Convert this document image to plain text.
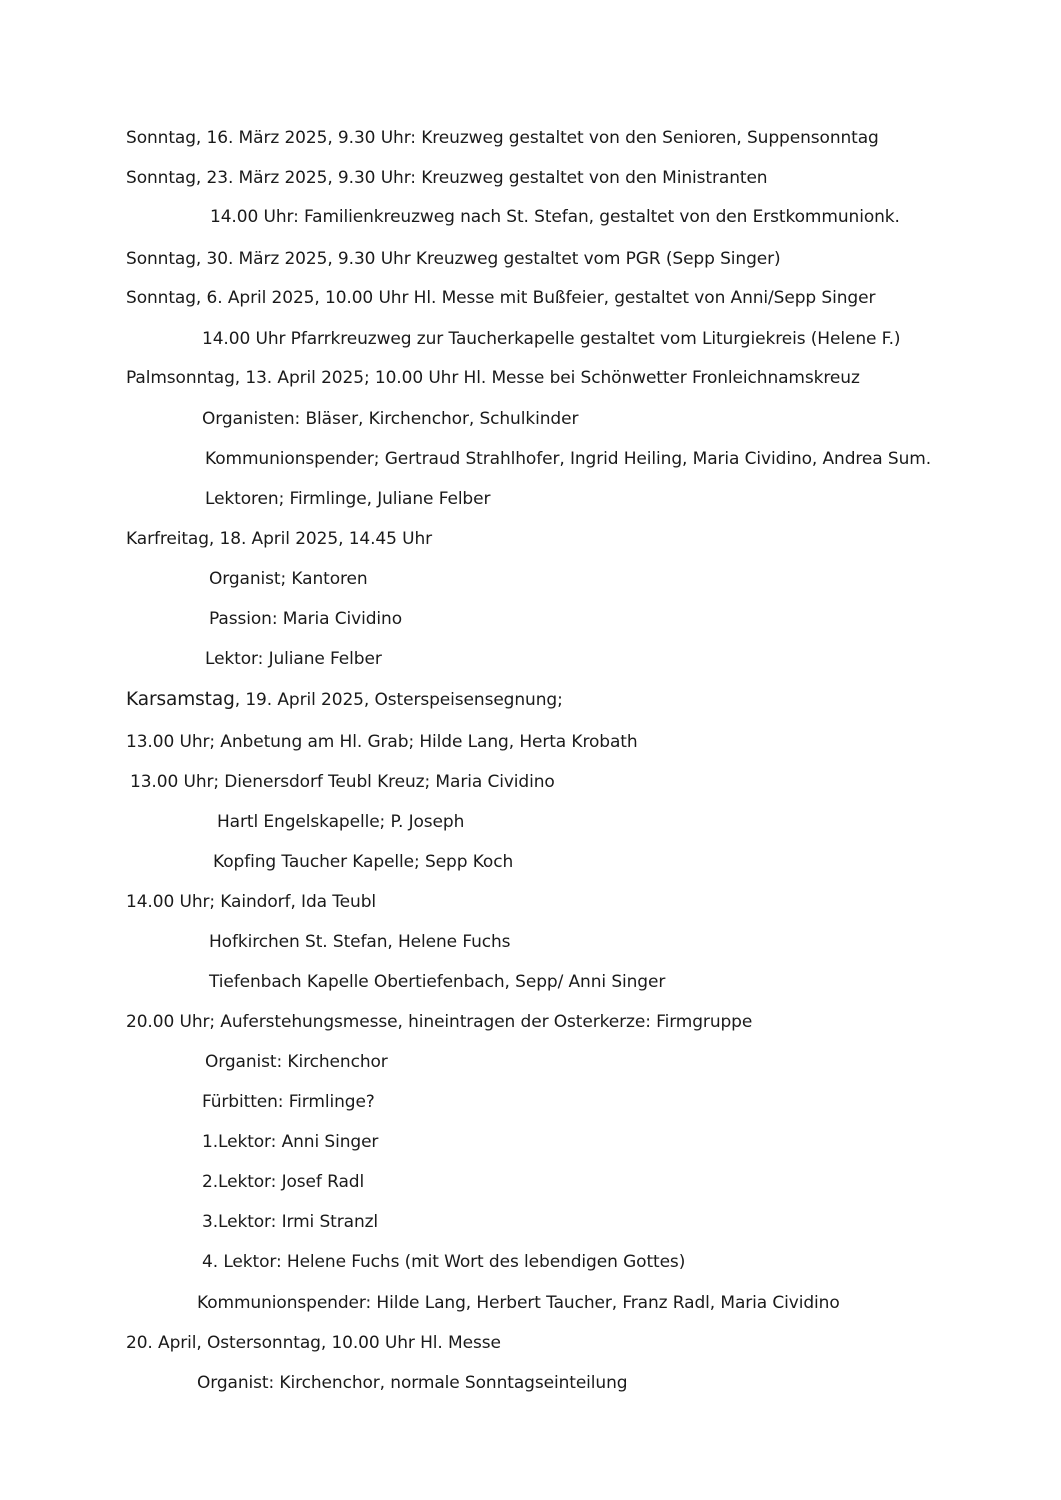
Sonntag, 16. März 2025, 9.30 Uhr: Kreuzweg gestaltet von den Senioren, Suppensonntag
Sonntag, 23. März 2025, 9.30 Uhr: Kreuzweg gestaltet von den Ministranten
14.00 Uhr: Familienkreuzweg nach St. Stefan, gestaltet von den Erstkommunionk.
Sonntag, 30. März 2025, 9.30 Uhr Kreuzweg gestaltet vom PGR (Sepp Singer)
Sonntag, 6. April 2025, 10.00 Uhr Hl. Messe mit Bußfeier, gestaltet von Anni/Sepp Singer
14.00 Uhr Pfarrkreuzweg zur Taucherkapelle gestaltet vom Liturgiekreis (Helene F.)
Palmsonntag, 13. April 2025; 10.00 Uhr Hl. Messe bei Schönwetter Fronleichnamskreuz
Organisten: Bläser, Kirchenchor, Schulkinder
Kommunionspender; Gertraud Strahlhofer, Ingrid Heiling, Maria Cividino, Andrea Sum.
Lektoren; Firmlinge, Juliane Felber
Karfreitag, 18. April 2025, 14.45 Uhr
Organist; Kantoren
Passion: Maria Cividino
Lektor: Juliane Felber
Karsamstag, 19. April 2025, Osterspeisensegnung;
13.00 Uhr; Anbetung am Hl. Grab; Hilde Lang, Herta Krobath
13.00 Uhr; Dienersdorf Teubl Kreuz; Maria Cividino
Hartl Engelskapelle; P. Joseph
Kopfing Taucher Kapelle; Sepp Koch
14.00 Uhr; Kaindorf, Ida Teubl
Hofkirchen St. Stefan, Helene Fuchs
Tiefenbach Kapelle Obertiefenbach, Sepp/ Anni Singer
20.00 Uhr; Auferstehungsmesse, hineintragen der Osterkerze: Firmgruppe
Organist: Kirchenchor
Fürbitten: Firmlinge?
1.Lektor: Anni Singer
2.Lektor: Josef Radl
3.Lektor: Irmi Stranzl
4. Lektor: Helene Fuchs (mit Wort des lebendigen Gottes)
Kommunionspender: Hilde Lang, Herbert Taucher, Franz Radl, Maria Cividino
20. April, Ostersonntag, 10.00 Uhr Hl. Messe
Organist: Kirchenchor, normale Sonntagseinteilung
